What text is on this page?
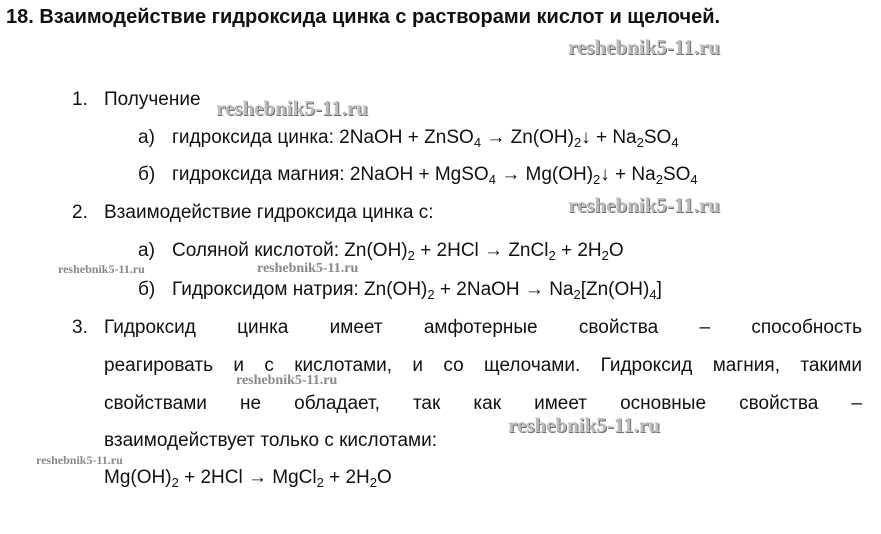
18. Взаимодействие гидроксида цинка с растворами кислот и щелочей.
reshebnik5-11.ru
reshebnik5-11.ru
reshebnik5-11.ru
reshebnik5-11.ru	reshebnik5-11.ru
reshebnik5-11.ru
reshebnik5-11.ru
reshebnik5-11.ru
1. Получение
а) гидроксида цинка: 2NaOH + ZnSO$_4$ → $Zn(OH)_2↓ + Na_2SO_4$
б) гидроксида магния: 2NaOH + MgSO$_4$ → $Mg(OH)_2↓ + Na_2SO_4$
2. Взаимодействие гидроксида цинка с:
а) Соляной кислотой: $Zn(OH)_2 + 2HCl$ → ZnCl$_2$ + $2H_2O$
б) Гидроксидом натрия: $Zn(OH)_2$ + 2NaOH → $Na_2[Zn(OH)_4]$
3. Гидроксид цинка имеет амфотерные свойства – способность
реагировать и с кислотами, и со щелочами. Гидроксид магния, такими
свойствами не обладает, так как имеет основные свойства –
взаимодействует только с кислотами:
$Mg(OH)_2 + 2HCl$ → MgCl$_2$ + $2H_2O$
